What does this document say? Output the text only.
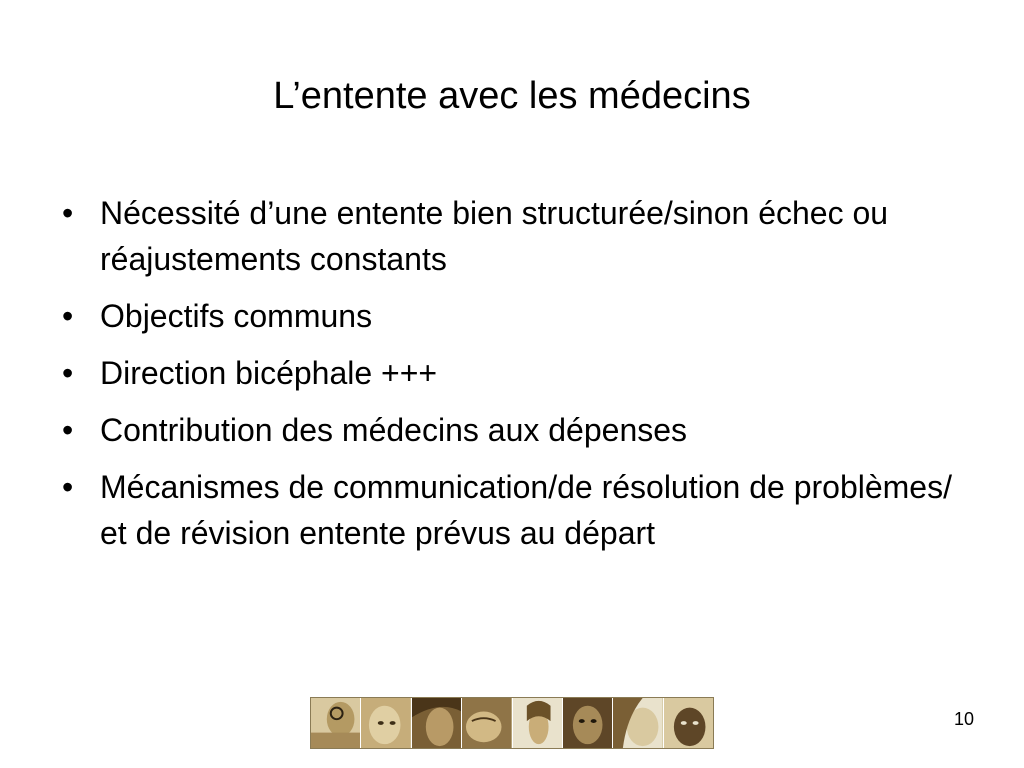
L’entente avec les médecins
• Nécessité d’une entente bien structurée/sinon échec ou réajustements constants
• Objectifs communs
• Direction bicéphale +++
• Contribution des médecins aux dépenses
• Mécanismes de communication/de résolution de problèmes/ et de révision entente prévus au départ
10
